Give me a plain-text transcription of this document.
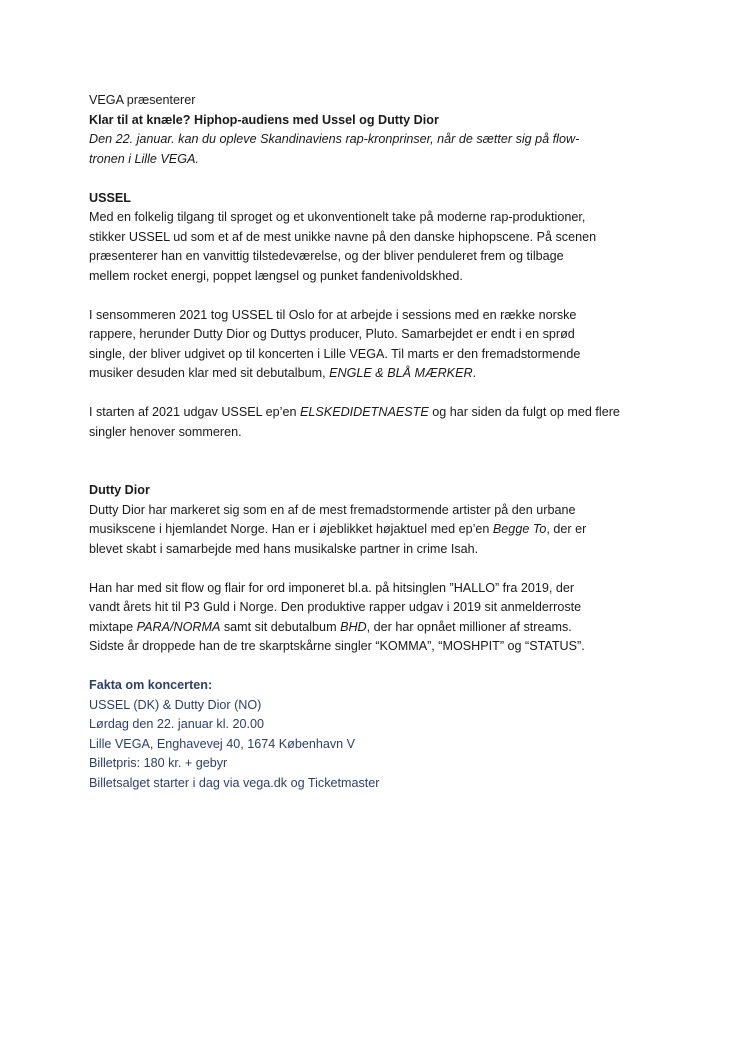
VEGA præsenterer
Klar til at knæle? Hiphop-audiens med Ussel og Dutty Dior
Den 22. januar. kan du opleve Skandinaviens rap-kronprinser, når de sætter sig på flow-
tronen i Lille VEGA.
USSEL
Med en folkelig tilgang til sproget og et ukonventionelt take på moderne rap-produktioner,
stikker USSEL ud som et af de mest unikke navne på den danske hiphopscene. På scenen
præsenterer han en vanvittig tilstedeværelse, og der bliver penduleret frem og tilbage
mellem rocket energi, poppet længsel og punket fandenivoldskhed.
I sensommeren 2021 tog USSEL til Oslo for at arbejde i sessions med en række norske
rappere, herunder Dutty Dior og Duttys producer, Pluto. Samarbejdet er endt i en sprød
single, der bliver udgivet op til koncerten i Lille VEGA. Til marts er den fremadstormende
musiker desuden klar med sit debutalbum, ENGLE & BLÅ MÆRKER.
I starten af 2021 udgav USSEL ep’en ELSKEDIDETNAESTE og har siden da fulgt op med flere
singler henover sommeren.
Dutty Dior
Dutty Dior har markeret sig som en af de mest fremadstormende artister på den urbane
musikscene i hjemlandet Norge. Han er i øjeblikket højaktuel med ep’en Begge To, der er
blevet skabt i samarbejde med hans musikalske partner in crime Isah.
Han har med sit flow og flair for ord imponeret bl.a. på hitsinglen ”HALLO” fra 2019, der
vandt årets hit til P3 Guld i Norge. Den produktive rapper udgav i 2019 sit anmelderroste
mixtape PARA/NORMA samt sit debutalbum BHD, der har opnået millioner af streams.
Sidste år droppede han de tre skarptskårne singler “KOMMA”, “MOSHPIT” og “STATUS”.
Fakta om koncerten:
USSEL (DK) & Dutty Dior (NO)
Lørdag den 22. januar kl. 20.00
Lille VEGA, Enghavevej 40, 1674 København V
Billetpris: 180 kr. + gebyr
Billetsalget starter i dag via vega.dk og Ticketmaster
